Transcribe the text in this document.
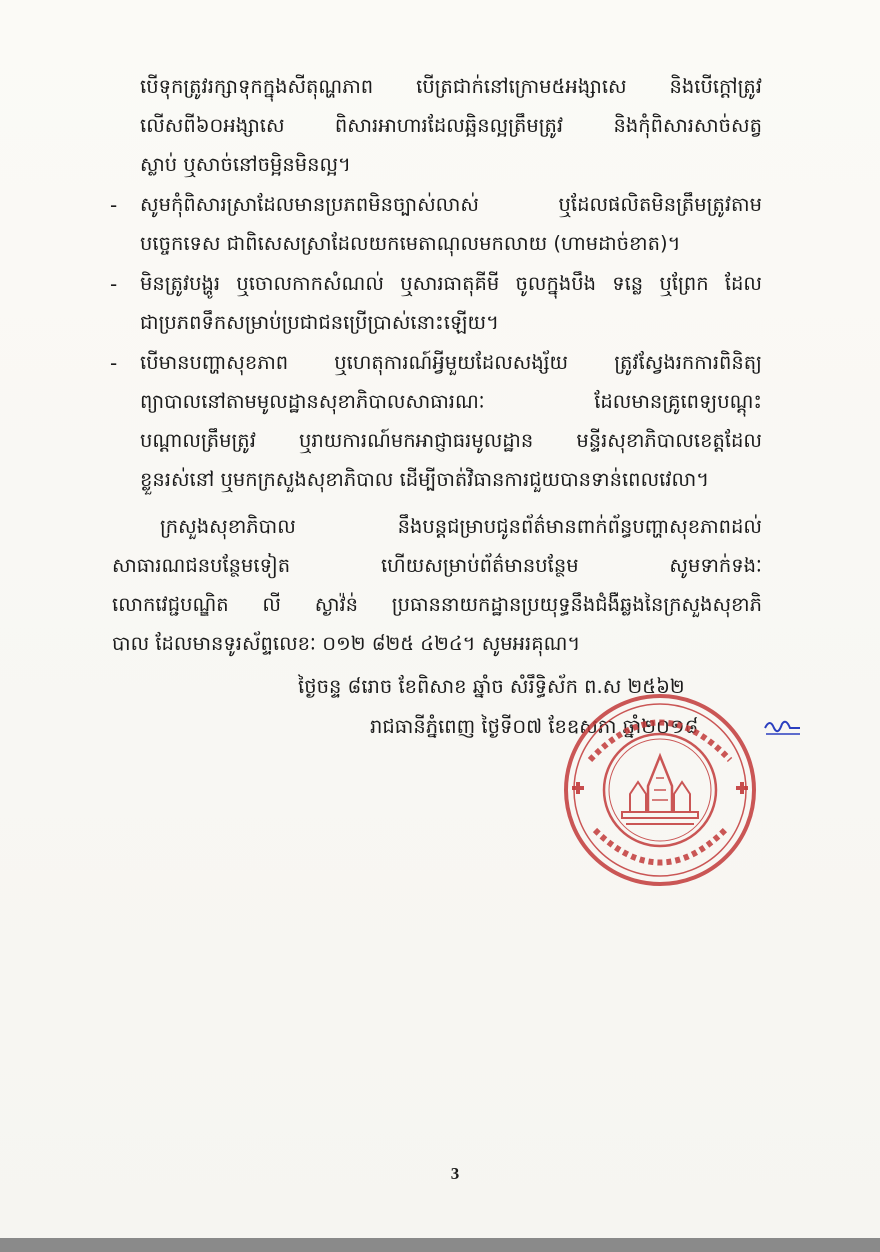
បើទុកត្រូវរក្សាទុកក្នុងសីតុណ្ហភាព បើត្រជាក់នៅក្រោម៥អង្សាសេ និងបើក្តៅត្រូវ
លើសពី៦០អង្សាសេ ពិសារអាហារដែលឆ្អិនល្អត្រឹមត្រូវ និងកុំពិសារសាច់សត្វ
ស្លាប់ ឬសាច់នៅចម្អិនមិនល្អ។
- សូមកុំពិសារស្រាដែលមានប្រភពមិនច្បាស់លាស់ ឬដែលផលិតមិនត្រឹមត្រូវតាម
បច្ចេកទេស ជាពិសេសស្រាដែលយកមេតាណុលមកលាយ (ហាមដាច់ខាត)។
- មិនត្រូវបង្ហូរ ឬចោលកាកសំណល់ ឬសារធាតុគីមី ចូលក្នុងបឹង ទន្លេ ឬព្រែក ដែល
ជាប្រភពទឹកសម្រាប់ប្រជាជនប្រើប្រាស់នោះឡើយ។
- បើមានបញ្ហាសុខភាព ឬហេតុការណ៍អ្វីមួយដែលសង្ស័យ ត្រូវស្វែងរកការពិនិត្យ
ព្យាបាលនៅតាមមូលដ្ឋានសុខាភិបាលសាធារណៈ ដែលមានគ្រូពេទ្យបណ្តុះ
បណ្តាលត្រឹមត្រូវ ឬរាយការណ៍មកអាជ្ញាធរមូលដ្ឋាន មន្ទីរសុខាភិបាលខេត្តដែល
ខ្លួនរស់នៅ ឬមកក្រសួងសុខាភិបាល ដើម្បីចាត់វិធានការជួយបានទាន់ពេលវេលា។
ក្រសួងសុខាភិបាល នឹងបន្តជម្រាបជូនព័ត៌មានពាក់ព័ន្ធបញ្ហាសុខភាពដល់
សាធារណជនបន្ថែមទៀត ហើយសម្រាប់ព័ត៌មានបន្ថែម សូមទាក់ទងៈ
លោកវេជ្ជបណ្ឌិត លី ស្ងាវ៉ន់ ប្រធាននាយកដ្ឋានប្រយុទ្ធនឹងជំងឺឆ្លងនៃក្រសួងសុខាភិ
បាល ដែលមានទូរស័ព្ទលេខៈ ០១២ ៨២៥ ៤២៤។ សូមអរគុណ។
ថ្ងៃចន្ទ ៨រោច ខែពិសាខ ឆ្នាំច សំរឹទ្ធិស័ក ព.ស ២៥៦២
រាជធានីភ្នំពេញ ថ្ងៃទី០៧ ខែឧសភា ឆ្នាំ២០១៨
3
